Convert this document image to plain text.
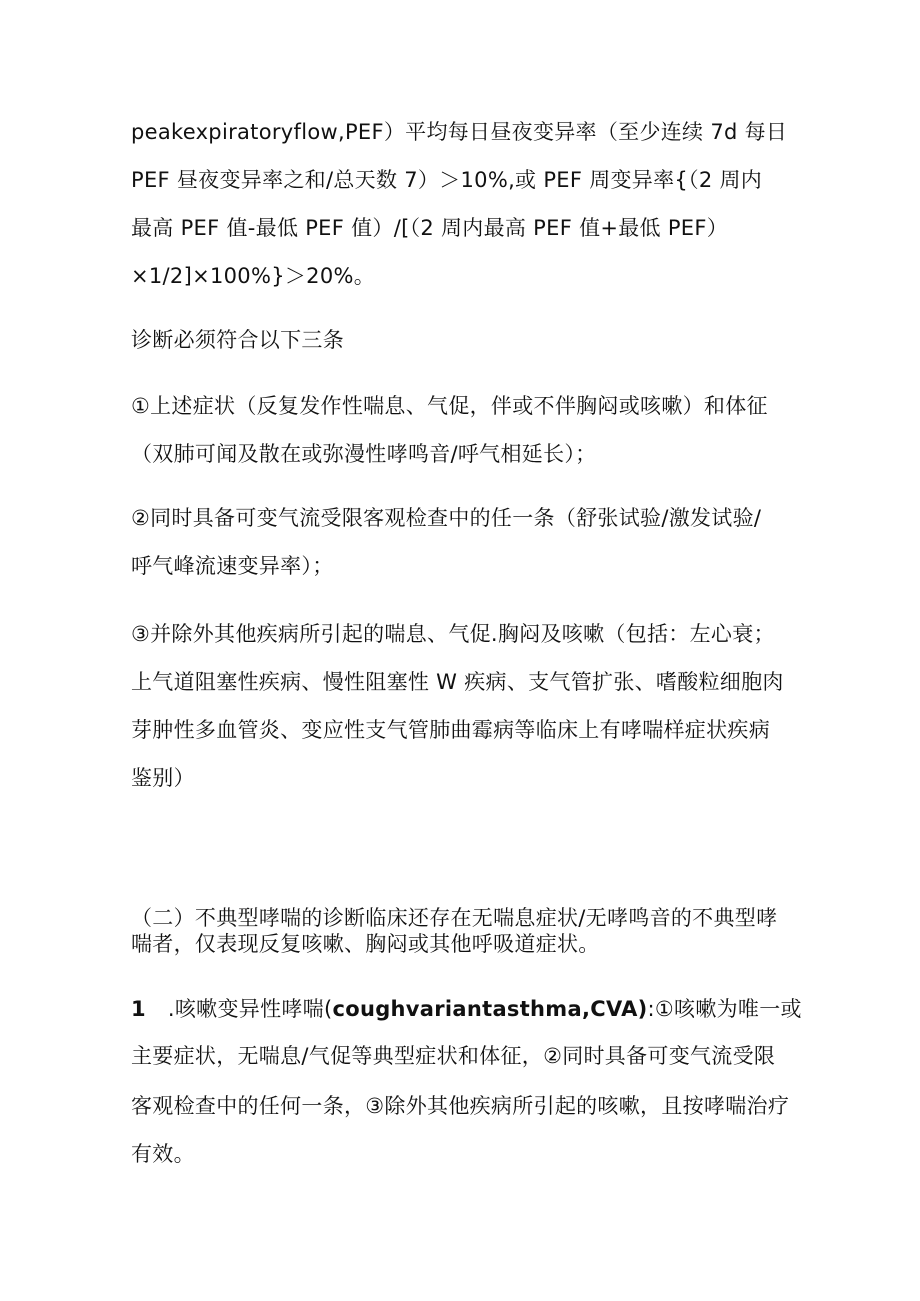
peakexpiratoryflow,PEF）平均每日昼夜变异率（至少连续 7d 每日
PEF 昼夜变异率之和/总天数 7）＞10%,或 PEF 周变异率{（2 周内
最高 PEF 值-最低 PEF 值）/[（2 周内最高 PEF 值+最低 PEF）
×1/2]×100%}＞20%。
诊断必须符合以下三条
①上述症状（反复发作性喘息、气促，伴或不伴胸闷或咳嗽）和体征
（双肺可闻及散在或弥漫性哮鸣音/呼气相延长）；
②同时具备可变气流受限客观检查中的任一条（舒张试验/激发试验/
呼气峰流速变异率）；
③并除外其他疾病所引起的喘息、气促.胸闷及咳嗽（包括：左心衰；
上气道阻塞性疾病、慢性阻塞性 W 疾病、支气管扩张、嗜酸粒细胞肉
芽肿性多血管炎、变应性支气管肺曲霉病等临床上有哮喘样症状疾病
鉴别）
（二）不典型哮喘的诊断临床还存在无喘息症状/无哮鸣音的不典型哮
喘者，仅表现反复咳嗽、胸闷或其他呼吸道症状。
1 .咳嗽变异性哮喘(coughvariantasthma,CVA):①咳嗽为唯一或
主要症状，无喘息/气促等典型症状和体征，②同时具备可变气流受限
客观检查中的任何一条，③除外其他疾病所引起的咳嗽，且按哮喘治疗
有效。
